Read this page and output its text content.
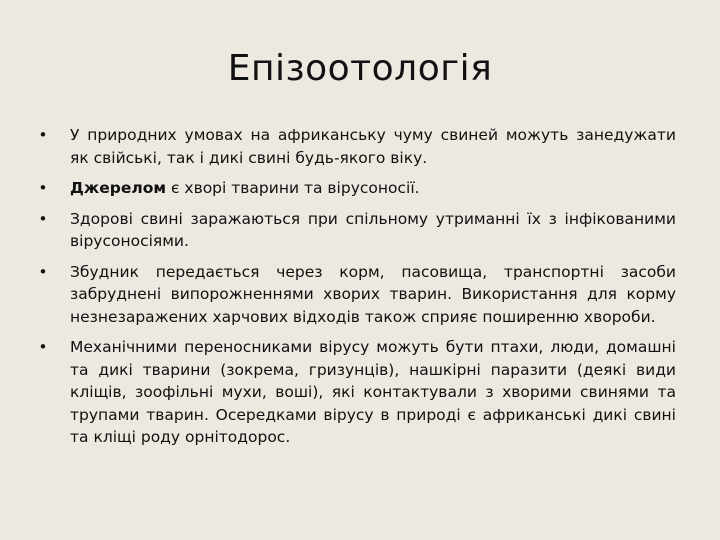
Епізоотологія
• У природних умовах на африканську чуму свиней можуть занедужати як свійські, так і дикі свині будь-якого віку.
• Джерелом є хворі тварини та вірусоносії.
• Здорові свині заражаються при спільному утриманні їх з інфікованими вірусоносіями.
• Збудник передається через корм, пасовища, транспортні засоби забруднені випорожненнями хворих тварин. Використання для корму незнезаражених харчових відходів також сприяє поширенню хвороби.
• Механічними переносниками вірусу можуть бути птахи, люди, домашні та дикі тварини (зокрема, гризунців), нашкірні паразити (деякі види кліщів, зоофільні мухи, воші), які контактували з хворими свинями та трупами тварин. Осередками вірусу в природі є африканські дикі свині та кліщі роду орнітодорос.
